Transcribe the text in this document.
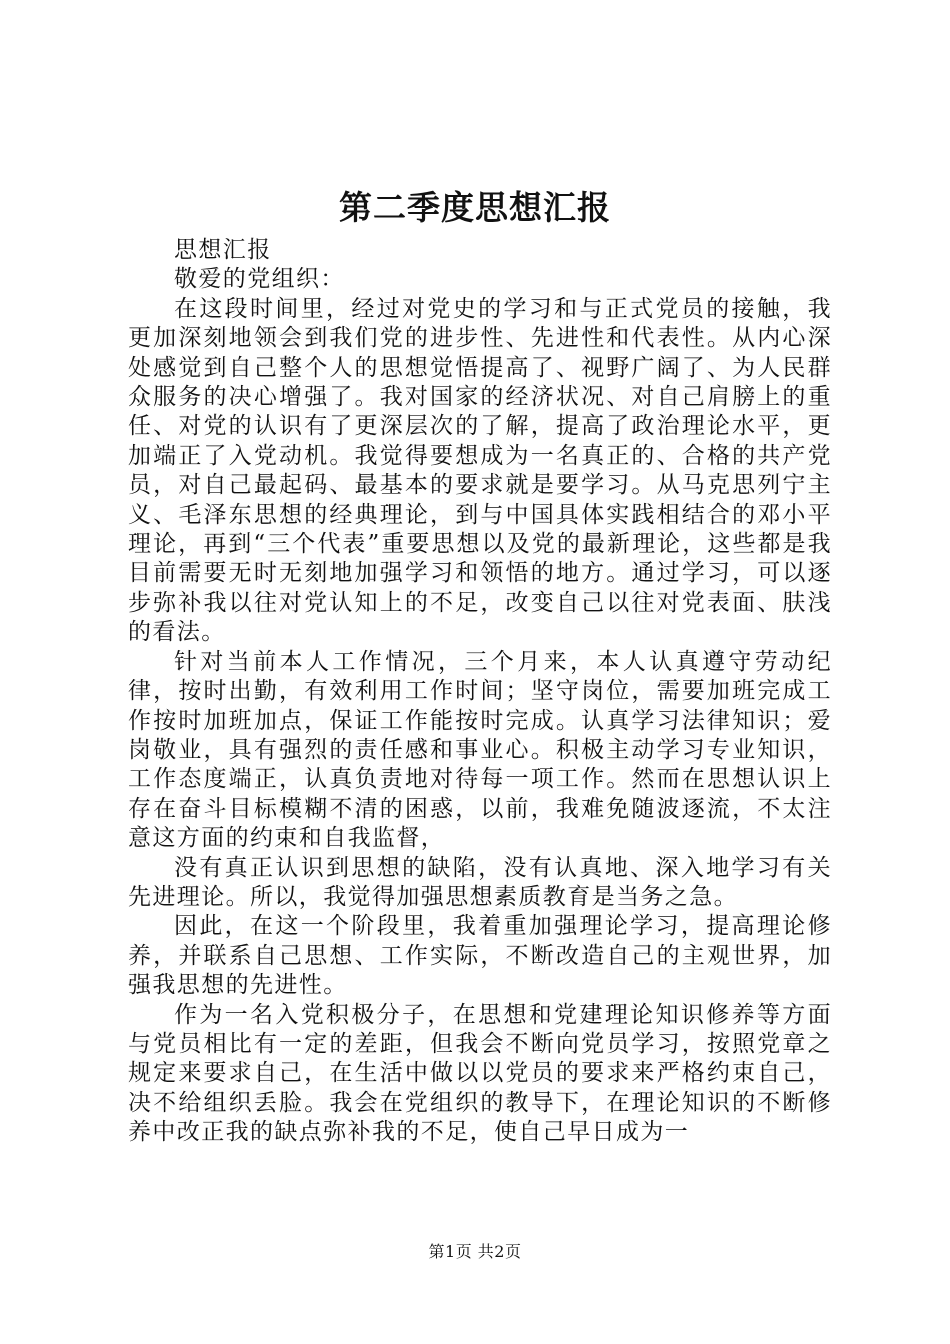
第二季度思想汇报

思想汇报

敬爱的党组织：

在这段时间里，经过对党史的学习和与正式党员的接触，我更加深刻地领会到我们党的进步性、先进性和代表性。从内心深处感觉到自己整个人的思想觉悟提高了、视野广阔了、为人民群众服务的决心增强了。我对国家的经济状况、对自己肩膀上的重任、对党的认识有了更深层次的了解，提高了政治理论水平，更加端正了入党动机。我觉得要想成为一名真正的、合格的共产党员，对自己最起码、最基本的要求就是要学习。从马克思列宁主义、毛泽东思想的经典理论，到与中国具体实践相结合的邓小平理论，再到“三个代表”重要思想以及党的最新理论，这些都是我目前需要无时无刻地加强学习和领悟的地方。通过学习，可以逐步弥补我以往对党认知上的不足，改变自己以往对党表面、肤浅的看法。

针对当前本人工作情况，三个月来，本人认真遵守劳动纪律，按时出勤，有效利用工作时间；坚守岗位，需要加班完成工作按时加班加点，保证工作能按时完成。认真学习法律知识；爱岗敬业，具有强烈的责任感和事业心。积极主动学习专业知识，工作态度端正，认真负责地对待每一项工作。然而在思想认识上存在奋斗目标模糊不清的困惑，以前，我难免随波逐流，不太注意这方面的约束和自我监督，

没有真正认识到思想的缺陷，没有认真地、深入地学习有关先进理论。所以，我觉得加强思想素质教育是当务之急。

因此，在这一个阶段里，我着重加强理论学习，提高理论修养，并联系自己思想、工作实际，不断改造自己的主观世界，加强我思想的先进性。

作为一名入党积极分子，在思想和党建理论知识修养等方面与党员相比有一定的差距，但我会不断向党员学习，按照党章之规定来要求自己，在生活中做以以党员的要求来严格约束自己，决不给组织丢脸。我会在党组织的教导下，在理论知识的不断修养中改正我的缺点弥补我的不足，使自己早日成为一

第1页 共2页
